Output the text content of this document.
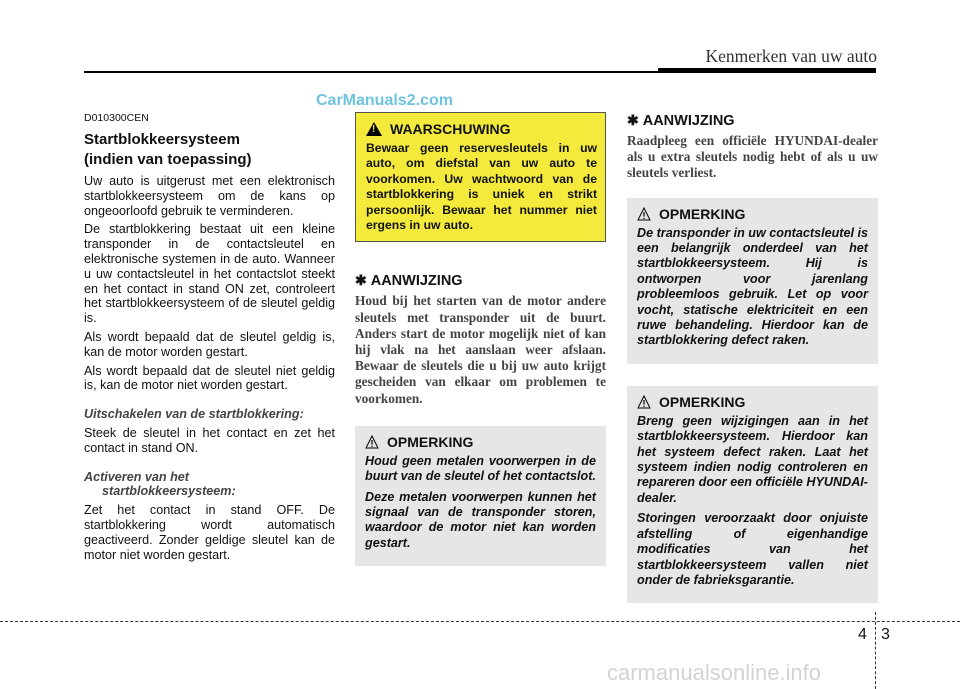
Kenmerken van uw auto
CarManuals2.com
D010300CEN
Startblokkeersysteem
(indien van toepassing)

Uw auto is uitgerust met een elektronisch startblokkeersysteem om de kans op ongeoorloofd gebruik te verminderen.

De startblokkering bestaat uit een kleine transponder in de contactsleutel en elektronische systemen in de auto. Wanneer u uw contactsleutel in het contactslot steekt en het contact in stand ON zet, controleert het startblokkeersysteem of de sleutel geldig is.

Als wordt bepaald dat de sleutel geldig is, kan de motor worden gestart.

Als wordt bepaald dat de sleutel niet geldig is, kan de motor niet worden gestart.

Uitschakelen van de startblokkering:

Steek de sleutel in het contact en zet het contact in stand ON.

Activeren van het
startblokkeersysteem:

Zet het contact in stand OFF. De startblokkering wordt automatisch geactiveerd. Zonder geldige sleutel kan de motor niet worden gestart.

!
WAARSCHUWING
Bewaar geen reservesleutels in uw auto, om diefstal van uw auto te voorkomen. Uw wachtwoord van de startblokkering is uniek en strikt persoonlijk. Bewaar het nummer niet ergens in uw auto.
✱ AANWIJZING
Houd bij het starten van de motor andere sleutels met transponder uit de buurt. Anders start de motor mogelijk niet of kan hij vlak na het aanslaan weer afslaan. Bewaar de sleutels die u bij uw auto krijgt gescheiden van elkaar om problemen te voorkomen.
OPMERKING

Houd geen metalen voorwerpen in de buurt van de sleutel of het contactslot.

Deze metalen voorwerpen kunnen het signaal van de transponder storen, waardoor de motor niet kan worden gestart.

✱ AANWIJZING
Raadpleeg een officiële HYUNDAI-dealer als u extra sleutels nodig hebt of als u uw sleutels verliest.
OPMERKING

De transponder in uw contactsleutel is een belangrijk onderdeel van het startblokkeersysteem. Hij is ontworpen voor jarenlang probleemloos gebruik. Let op voor vocht, statische elektriciteit en een ruwe behandeling. Hierdoor kan de startblokkering defect raken.

OPMERKING

Breng geen wijzigingen aan in het startblokkeersysteem. Hierdoor kan het systeem defect raken. Laat het systeem indien nodig controleren en repareren door een officiële HYUNDAI-dealer.

Storingen veroorzaakt door onjuiste afstelling of eigenhandige modificaties van het startblokkeersysteem vallen niet onder de fabrieksgarantie.

4 3
carmanualsonline.info
